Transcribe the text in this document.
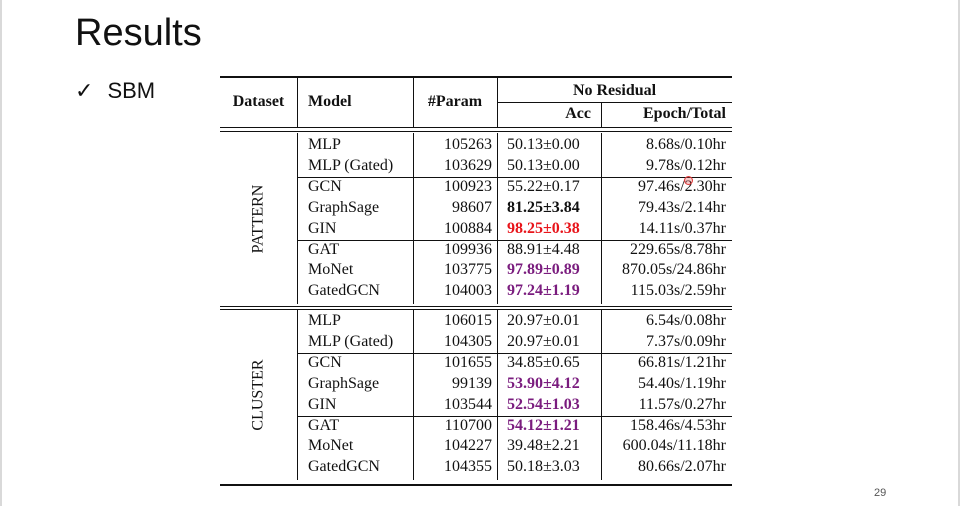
Results
✓ SBM	Dataset	Model	#Param
No Residual
Acc	Epoch/Total
PATTERN
MLP	105263 50.13±0.00	8.68s/0.10hr
MLP (Gated)	103629 50.13±0.00	9.78s/0.12hr
GCN	100923 55.22±0.17	97.46s/2.30hr
GraphSage	98607 81.25±3.84	79.43s/2.14hr
GIN	100884 98.25±0.38	14.11s/0.37hr
GAT	109936 88.91±4.48	229.65s/8.78hr
MoNet	103775 97.89±0.89	870.05s/24.86hr
GatedGCN	104003 97.24±1.19	115.03s/2.59hr
CLUSTER
MLP	106015 20.97±0.01	6.54s/0.08hr
MLP (Gated)	104305 20.97±0.01	7.37s/0.09hr
GCN	101655 34.85±0.65	66.81s/1.21hr
GraphSage	99139 53.90±4.12	54.40s/1.19hr
GIN	103544 52.54±1.03	11.57s/0.27hr
GAT	110700 54.12±1.21	158.46s/4.53hr
MoNet	104227 39.48±2.21	600.04s/11.18hr
GatedGCN	104355 50.18±3.03	80.66s/2.07hr
29
